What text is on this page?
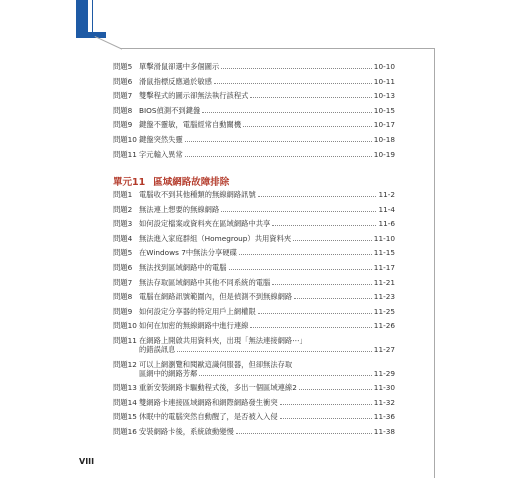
問題5 單擊滑鼠卻選中多個圖示	10-10
問題6 滑鼠指標反應過於敏感	10-11
問題7 雙擊程式的圖示卻無法執行該程式	10-13
問題8 BIOS偵測不到鍵盤	10-15
問題9 鍵盤不靈敏，電腦經常自動關機	10-17
問題10 鍵盤突然失靈	10-18
問題11 字元輸入異常	10-19
單元11 區域網路故障排除
問題1 電腦收不到其他種類的無線網路訊號	11-2
問題2 無法連上想要的無線網路	11-4
問題3 如何設定檔案或資料夾在區域網路中共享	11-6
問題4 無法進入家庭群組（Homegroup）共用資料夾	11-10
問題5 在Windows 7中無法分享硬碟	11-15
問題6 無法找到區域網路中的電腦	11-17
問題7 無法存取區域網路中其他不同系統的電腦	11-21
問題8 電腦在網路訊號範圍內，但是偵測不到無線網路	11-23
問題9 如何設定分享器的特定用戶上網權限	11-25
問題10 如何在加密的無線網路中進行連線	11-26
問題11 在網路上開啟共用資料夾，出現「無法連接網路⋯」
的錯誤訊息	11-27
問題12 可以上網瀏覽和閱歐這識伺服器，但卻無法存取
區網中的網路芳鄰	11-29
問題13 重新安裝網路卡驅動程式後，多出一個區域連線2	11-30
問題14 雙網路卡連接區域網路和網際網路發生衝突	11-32
問題15 休眠中的電腦突然自動醒了，是否被入入侵	11-36
問題16 安裝網路卡後，系統啟動變慢	11-38
VIII
